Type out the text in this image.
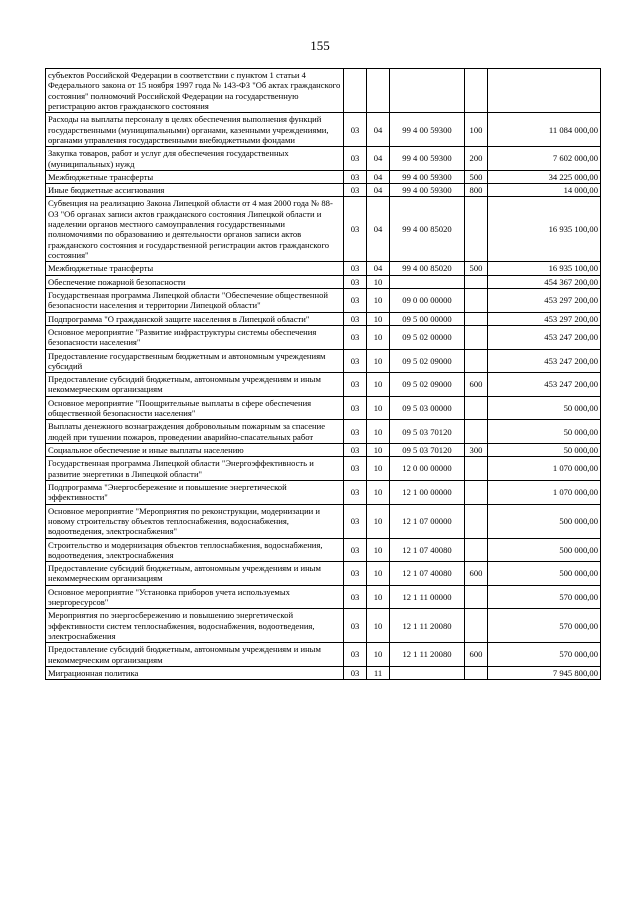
155
субъектов Российской Федерации в соответствии с пунктом 1 статьи 4 Федерального закона от 15 ноября 1997 года № 143-ФЗ "Об актах гражданского состояния" полномочий Российской Федерации на государственную регистрацию актов гражданского состояния					
Расходы на выплаты персоналу в целях обеспечения выполнения функций государственными (муниципальными) органами, казенными учреждениями, органами управления государственными внебюджетными фондами	03	04	99 4 00 59300	100	11 084 000,00
Закупка товаров, работ и услуг для обеспечения государственных (муниципальных) нужд	03	04	99 4 00 59300	200	7 602 000,00
Межбюджетные трансферты	03	04	99 4 00 59300	500	34 225 000,00
Иные бюджетные ассигнования	03	04	99 4 00 59300	800	14 000,00
Субвенция на реализацию Закона Липецкой области от 4 мая 2000 года № 88-ОЗ "Об органах записи актов гражданского состояния Липецкой области и наделении органов местного самоуправления государственными полномочиями по образованию и деятельности органов записи актов гражданского состояния и государственной регистрации актов гражданского состояния"	03	04	99 4 00 85020		16 935 100,00
Межбюджетные трансферты	03	04	99 4 00 85020	500	16 935 100,00
Обеспечение пожарной безопасности	03	10			454 367 200,00
Государственная программа Липецкой области "Обеспечение общественной безопасности населения и территории Липецкой области"	03	10	09 0 00 00000		453 297 200,00
Подпрограмма "О гражданской защите населения в Липецкой области"	03	10	09 5 00 00000		453 297 200,00
Основное мероприятие "Развитие инфраструктуры системы обеспечения безопасности населения"	03	10	09 5 02 00000		453 247 200,00
Предоставление государственным бюджетным и автономным учреждениям субсидий	03	10	09 5 02 09000		453 247 200,00
Предоставление субсидий бюджетным, автономным учреждениям и иным некоммерческим организациям	03	10	09 5 02 09000	600	453 247 200,00
Основное мероприятие "Поощрительные выплаты в сфере обеспечения общественной безопасности населения"	03	10	09 5 03 00000		50 000,00
Выплаты денежного вознаграждения добровольным пожарным за спасение людей при тушении пожаров, проведении аварийно-спасательных работ	03	10	09 5 03 70120		50 000,00
Социальное обеспечение и иные выплаты населению	03	10	09 5 03 70120	300	50 000,00
Государственная программа Липецкой области "Энергоэффективность и развитие энергетики в Липецкой области"	03	10	12 0 00 00000		1 070 000,00
Подпрограмма "Энергосбережение и повышение энергетической эффективности"	03	10	12 1 00 00000		1 070 000,00
Основное мероприятие "Мероприятия по реконструкции, модернизации и новому строительству объектов теплоснабжения, водоснабжения, водоотведения, электроснабжения"	03	10	12 1 07 00000		500 000,00
Строительство и модернизация объектов теплоснабжения, водоснабжения, водоотведения, электроснабжения	03	10	12 1 07 40080		500 000,00
Предоставление субсидий бюджетным, автономным учреждениям и иным некоммерческим организациям	03	10	12 1 07 40080	600	500 000,00
Основное мероприятие "Установка приборов учета используемых энергоресурсов"	03	10	12 1 11 00000		570 000,00
Мероприятия по энергосбережению и повышению энергетической эффективности систем теплоснабжения, водоснабжения, водоотведения, электроснабжения	03	10	12 1 11 20080		570 000,00
Предоставление субсидий бюджетным, автономным учреждениям и иным некоммерческим организациям	03	10	12 1 11 20080	600	570 000,00
Миграционная политика	03	11			7 945 800,00
